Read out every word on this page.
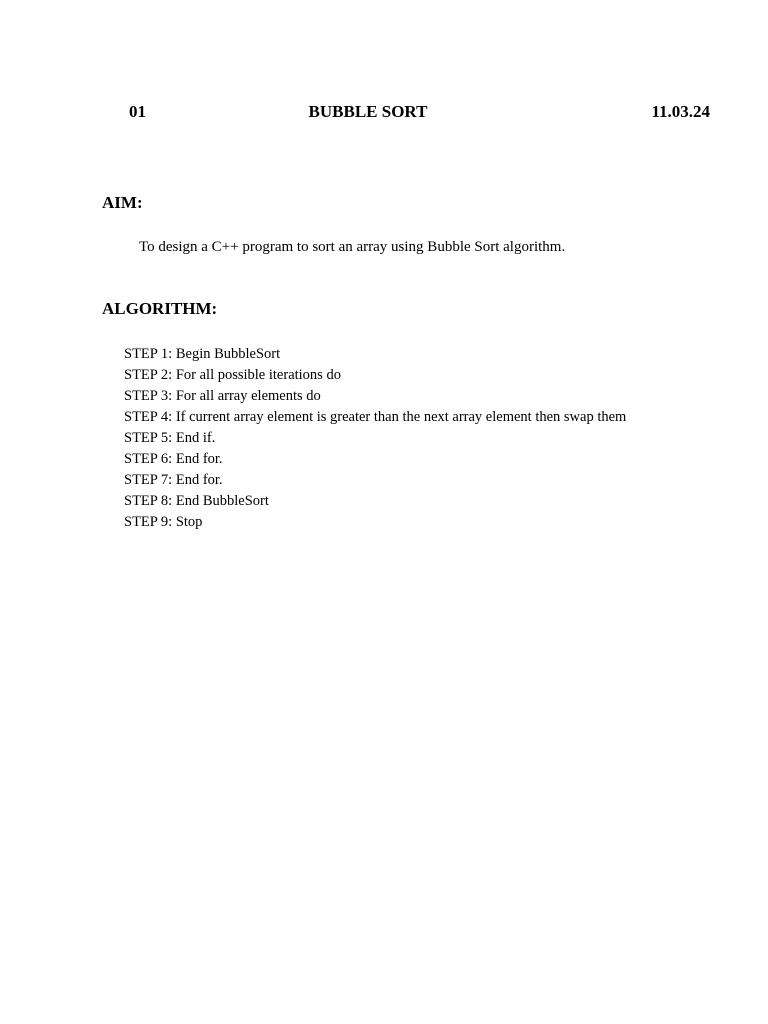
01	BUBBLE SORT	11.03.24
AIM:
To design a C++ program to sort an array using Bubble Sort algorithm.
ALGORITHM:
STEP 1: Begin BubbleSort
STEP 2: For all possible iterations do
STEP 3: For all array elements do
STEP 4: If current array element is greater than the next array element then swap them
STEP 5: End if.
STEP 6: End for.
STEP 7: End for.
STEP 8: End BubbleSort
STEP 9: Stop
